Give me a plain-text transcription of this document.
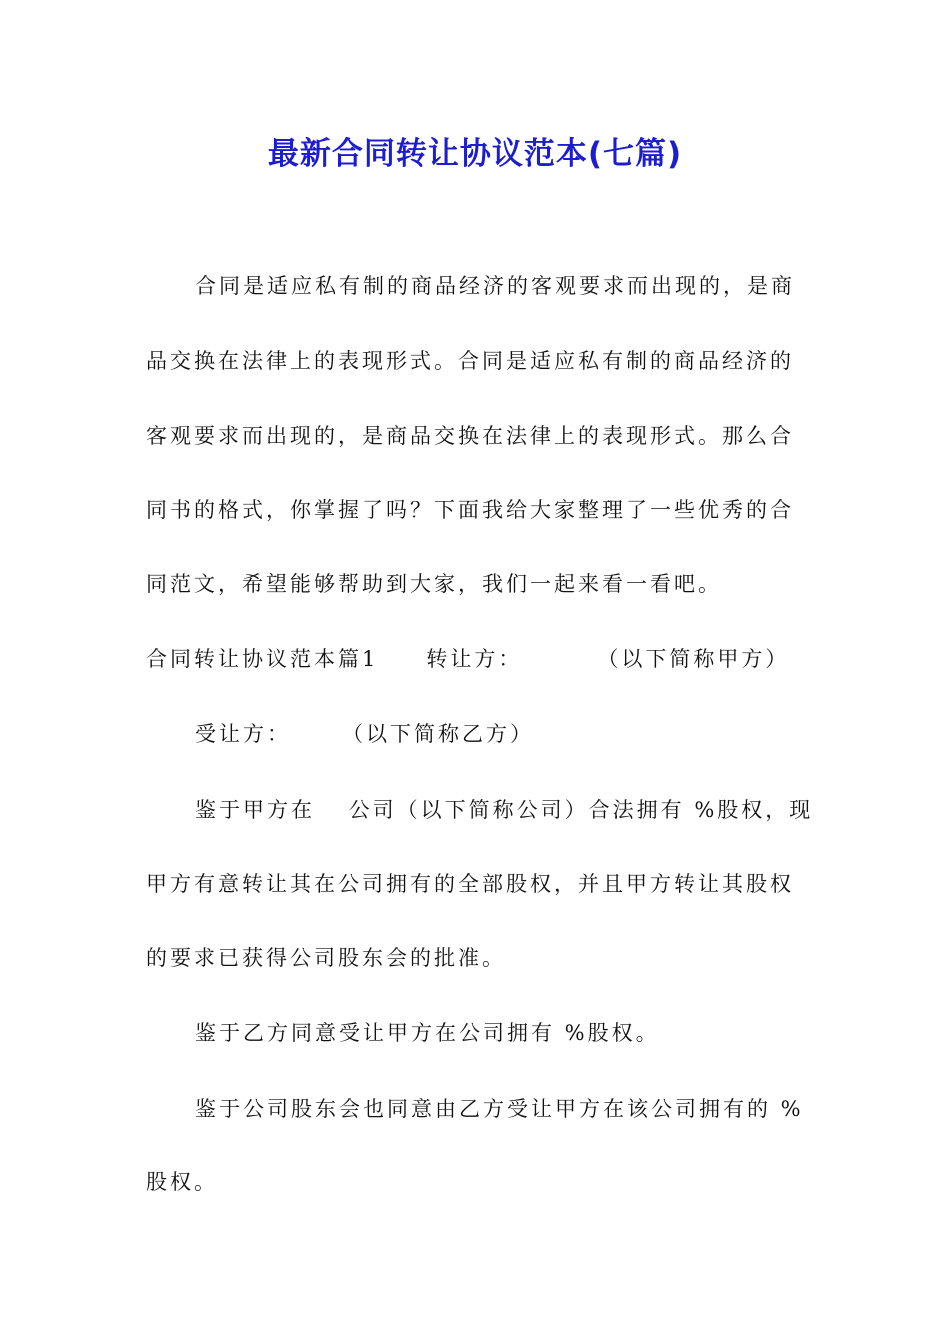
最新合同转让协议范本(七篇)
合同是适应私有制的商品经济的客观要求而出现的，是商
品交换在法律上的表现形式。合同是适应私有制的商品经济的
客观要求而出现的，是商品交换在法律上的表现形式。那么合
同书的格式，你掌握了吗？下面我给大家整理了一些优秀的合
同范文，希望能够帮助到大家，我们一起来看一看吧。
合同转让协议范本篇1　　转让方：　　　　（以下简称甲方）
受让方：　　　（以下简称乙方）
鉴于甲方在　 公司（以下简称公司）合法拥有 %股权，现
甲方有意转让其在公司拥有的全部股权，并且甲方转让其股权
的要求已获得公司股东会的批准。
鉴于乙方同意受让甲方在公司拥有 %股权。
鉴于公司股东会也同意由乙方受让甲方在该公司拥有的 %
股权。
